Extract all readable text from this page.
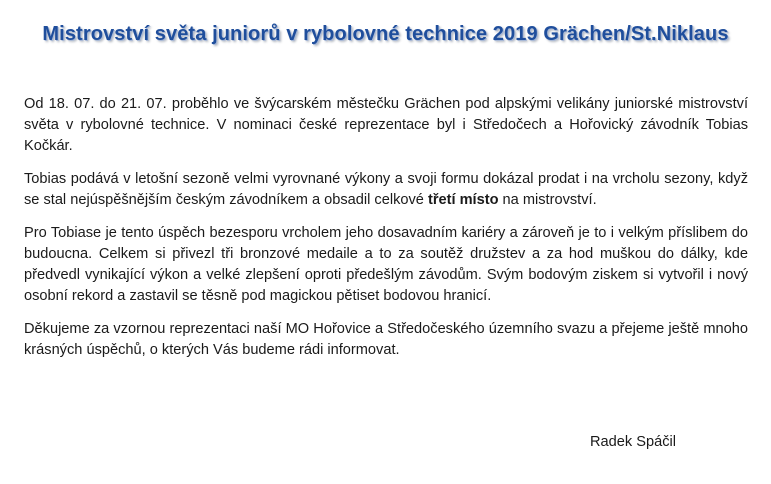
Mistrovství světa juniorů v rybolovné technice 2019 Grächen/St.Niklaus

Od 18. 07. do 21. 07. proběhlo ve švýcarském městečku Grächen pod alpskými velikány juniorské mistrovství světa v rybolovné technice. V nominaci české reprezentace byl i Středočech a Hořovický závodník Tobias Kočkár.

Tobias podává v letošní sezoně velmi vyrovnané výkony a svoji formu dokázal prodat i na vrcholu sezony, když se stal nejúspěšnějším českým závodníkem a obsadil celkové třetí místo na mistrovství.

Pro Tobiase je tento úspěch bezesporu vrcholem jeho dosavadním kariéry a zároveň je to i velkým příslibem do budoucna. Celkem si přivezl tři bronzové medaile a to za soutěž družstev a za hod muškou do dálky, kde předvedl vynikající výkon a velké zlepšení oproti předešlým závodům. Svým bodovým ziskem si vytvořil i nový osobní rekord a zastavil se těsně pod magickou pětiset bodovou hranicí.

Děkujeme za vzornou reprezentaci naší MO Hořovice a Středočeského územního svazu a přejeme ještě mnoho krásných úspěchů, o kterých Vás budeme rádi informovat.

Radek Spáčil
